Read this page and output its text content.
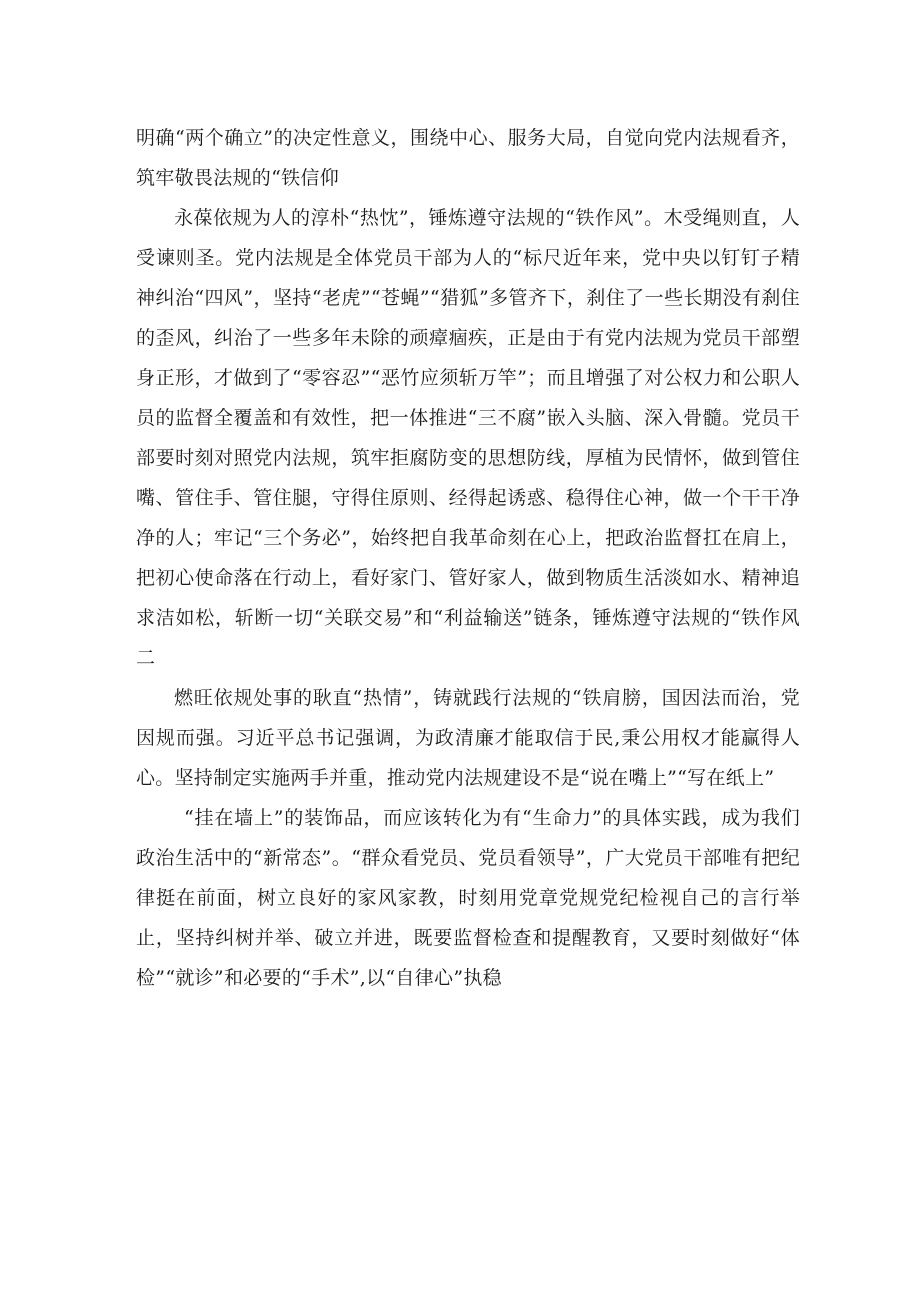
明确“两个确立”的决定性意义，围绕中心、服务大局，自觉向党内法规看齐，筑牢敬畏法规的“铁信仰

永葆依规为人的淳朴“热忱”，锤炼遵守法规的“铁作风”。木受绳则直，人受谏则圣。党内法规是全体党员干部为人的“标尺近年来，党中央以钉钉子精神纠治“四风”，坚持“老虎”“苍蝇”“猎狐”多管齐下，刹住了一些长期没有刹住的歪风，纠治了一些多年未除的顽瘴痼疾，正是由于有党内法规为党员干部塑身正形，才做到了“零容忍”“恶竹应须斩万竿”；而且增强了对公权力和公职人员的监督全覆盖和有效性，把一体推进“三不腐”嵌入头脑、深入骨髓。党员干部要时刻对照党内法规，筑牢拒腐防变的思想防线，厚植为民情怀，做到管住嘴、管住手、管住腿，守得住原则、经得起诱惑、稳得住心神，做一个干干净净的人；牢记“三个务必”，始终把自我革命刻在心上，把政治监督扛在肩上，把初心使命落在行动上，看好家门、管好家人，做到物质生活淡如水、精神追求洁如松，斩断一切“关联交易”和“利益输送”链条，锤炼遵守法规的“铁作风二

燃旺依规处事的耿直“热情”，铸就践行法规的“铁肩膀，国因法而治，党因规而强。习近平总书记强调，为政清廉才能取信于民,秉公用权才能赢得人心。坚持制定实施两手并重，推动党内法规建设不是“说在嘴上”“写在纸上”

“挂在墙上”的装饰品，而应该转化为有“生命力”的具体实践，成为我们政治生活中的“新常态”。“群众看党员、党员看领导”，广大党员干部唯有把纪律挺在前面，树立良好的家风家教，时刻用党章党规党纪检视自己的言行举止，坚持纠树并举、破立并进，既要监督检查和提醒教育，又要时刻做好“体检”“就诊”和必要的“手术”,以“自律心”执稳
